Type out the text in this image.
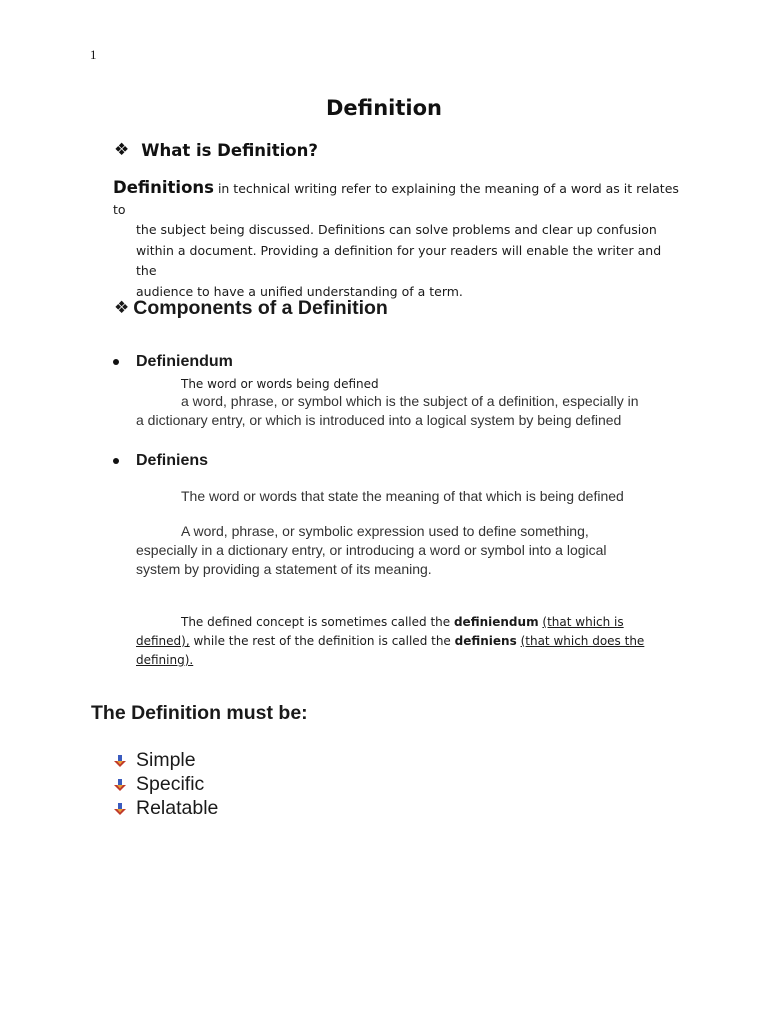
1
Definition
❖ What is Definition?
Definitions in technical writing refer to explaining the meaning of a word as it relates to
the subject being discussed. Definitions can solve problems and clear up confusion
within a document. Providing a definition for your readers will enable the writer and the
audience to have a unified understanding of a term.
❖ Components of a Definition
Definiendum
The word or words being defined
a word, phrase, or symbol which is the subject of a definition, especially in
a dictionary entry, or which is introduced into a logical system by being defined
Definiens
The word or words that state the meaning of that which is being defined
A word, phrase, or symbolic expression used to define something,
especially in a dictionary entry, or introducing a word or symbol into a logical
system by providing a statement of its meaning.
The defined concept is sometimes called the definiendum (that which is
defined), while the rest of the definition is called the definiens (that which does the
defining).
The Definition must be:
Simple
Specific
Relatable
